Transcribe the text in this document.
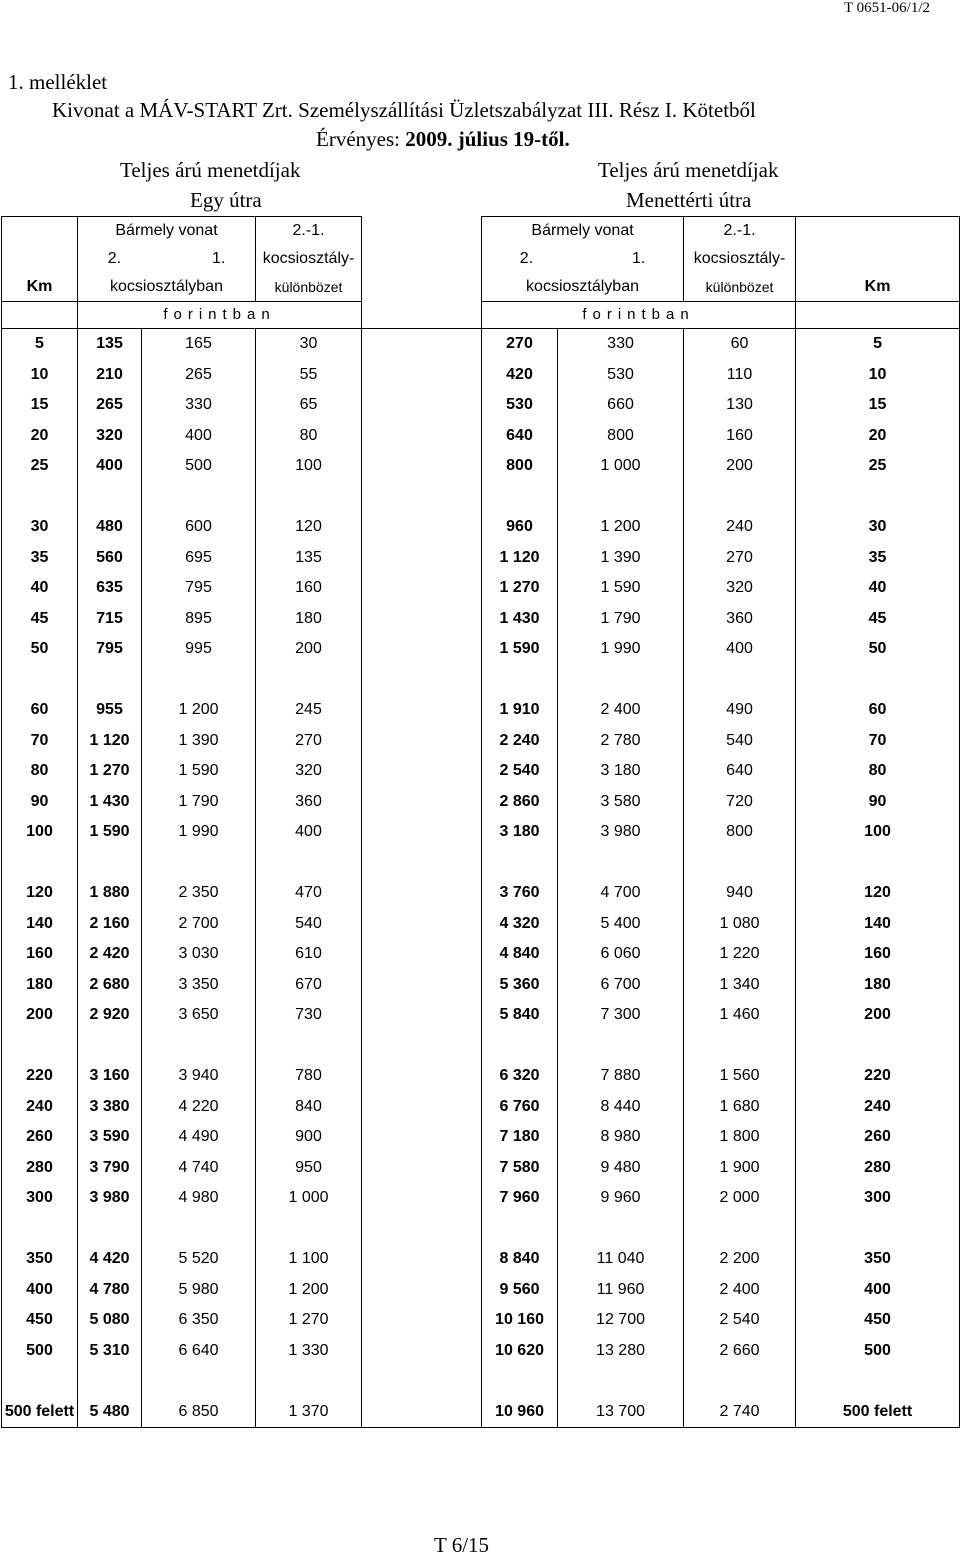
T 0651-06/1/2
1. melléklet
Kivonat a MÁV-START Zrt. Személyszállítási Üzletszabályzat III. Rész I. Kötetből
Érvényes: 2009. július 19-től.
Teljes árú menetdíjak	Teljes árú menetdíjak
Egy útra	Menettérti útra
	Bármely vonat		2.-1.		Bármely vonat		2.-1.	
	2. 1.		kocsiosztály-		2. 1.		kocsiosztály-	
Km	kocsiosztályban		különbözet		kocsiosztályban		különbözet	Km
	forintban				forintban			
5	135	165	30		270	330	60	5
10	210	265	55		420	530	110	10
15	265	330	65		530	660	130	15
20	320	400	80		640	800	160	20
25	400	500	100		800	1 000	200	25

30	480	600	120		960	1 200	240	30
35	560	695	135		1 120	1 390	270	35
40	635	795	160		1 270	1 590	320	40
45	715	895	180		1 430	1 790	360	45
50	795	995	200		1 590	1 990	400	50

60	955	1 200	245		1 910	2 400	490	60
70	1 120	1 390	270		2 240	2 780	540	70
80	1 270	1 590	320		2 540	3 180	640	80
90	1 430	1 790	360		2 860	3 580	720	90
100	1 590	1 990	400		3 180	3 980	800	100

120	1 880	2 350	470		3 760	4 700	940	120
140	2 160	2 700	540		4 320	5 400	1 080	140
160	2 420	3 030	610		4 840	6 060	1 220	160
180	2 680	3 350	670		5 360	6 700	1 340	180
200	2 920	3 650	730		5 840	7 300	1 460	200

220	3 160	3 940	780		6 320	7 880	1 560	220
240	3 380	4 220	840		6 760	8 440	1 680	240
260	3 590	4 490	900		7 180	8 980	1 800	260
280	3 790	4 740	950		7 580	9 480	1 900	280
300	3 980	4 980	1 000		7 960	9 960	2 000	300

350	4 420	5 520	1 100		8 840	11 040	2 200	350
400	4 780	5 980	1 200		9 560	11 960	2 400	400
450	5 080	6 350	1 270		10 160	12 700	2 540	450
500	5 310	6 640	1 330		10 620	13 280	2 660	500

500 felett	5 480	6 850	1 370		10 960	13 700	2 740	500 felett
T 6/15
